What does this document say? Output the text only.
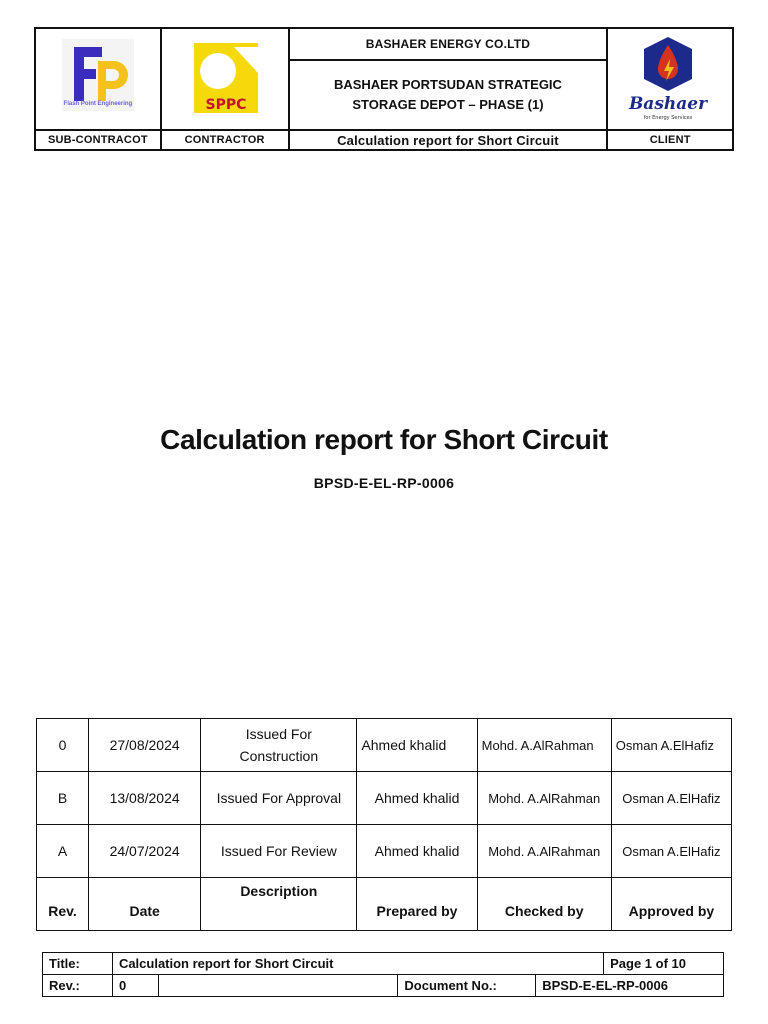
Flash Point Engineering	SPPC	BASHAER ENERGY CO.LTD	Bashaer
for Energy Services

		BASHAER PORTSUDAN STRATEGIC
STORAGE DEPOT – PHASE (1)	

SUB-CONTRACOT	CONTRACTOR	Calculation report for Short Circuit	CLIENT
Calculation report for Short Circuit
BPSD-E-EL-RP-0006
0	27/08/2024	Issued For Construction	Ahmed khalid	Mohd. A.AlRahman	Osman A.ElHafiz
B	13/08/2024	Issued For Approval	Ahmed khalid	Mohd. A.AlRahman	Osman A.ElHafiz
A	24/07/2024	Issued For Review	Ahmed khalid	Mohd. A.AlRahman	Osman A.ElHafiz
Rev.	Date	Description	Prepared by	Checked by	Approved by
Title:	Calculation report for Short Circuit				Page 1 of 10
Rev.:	0		Document No.:	BPSD-E-EL-RP-0006	
